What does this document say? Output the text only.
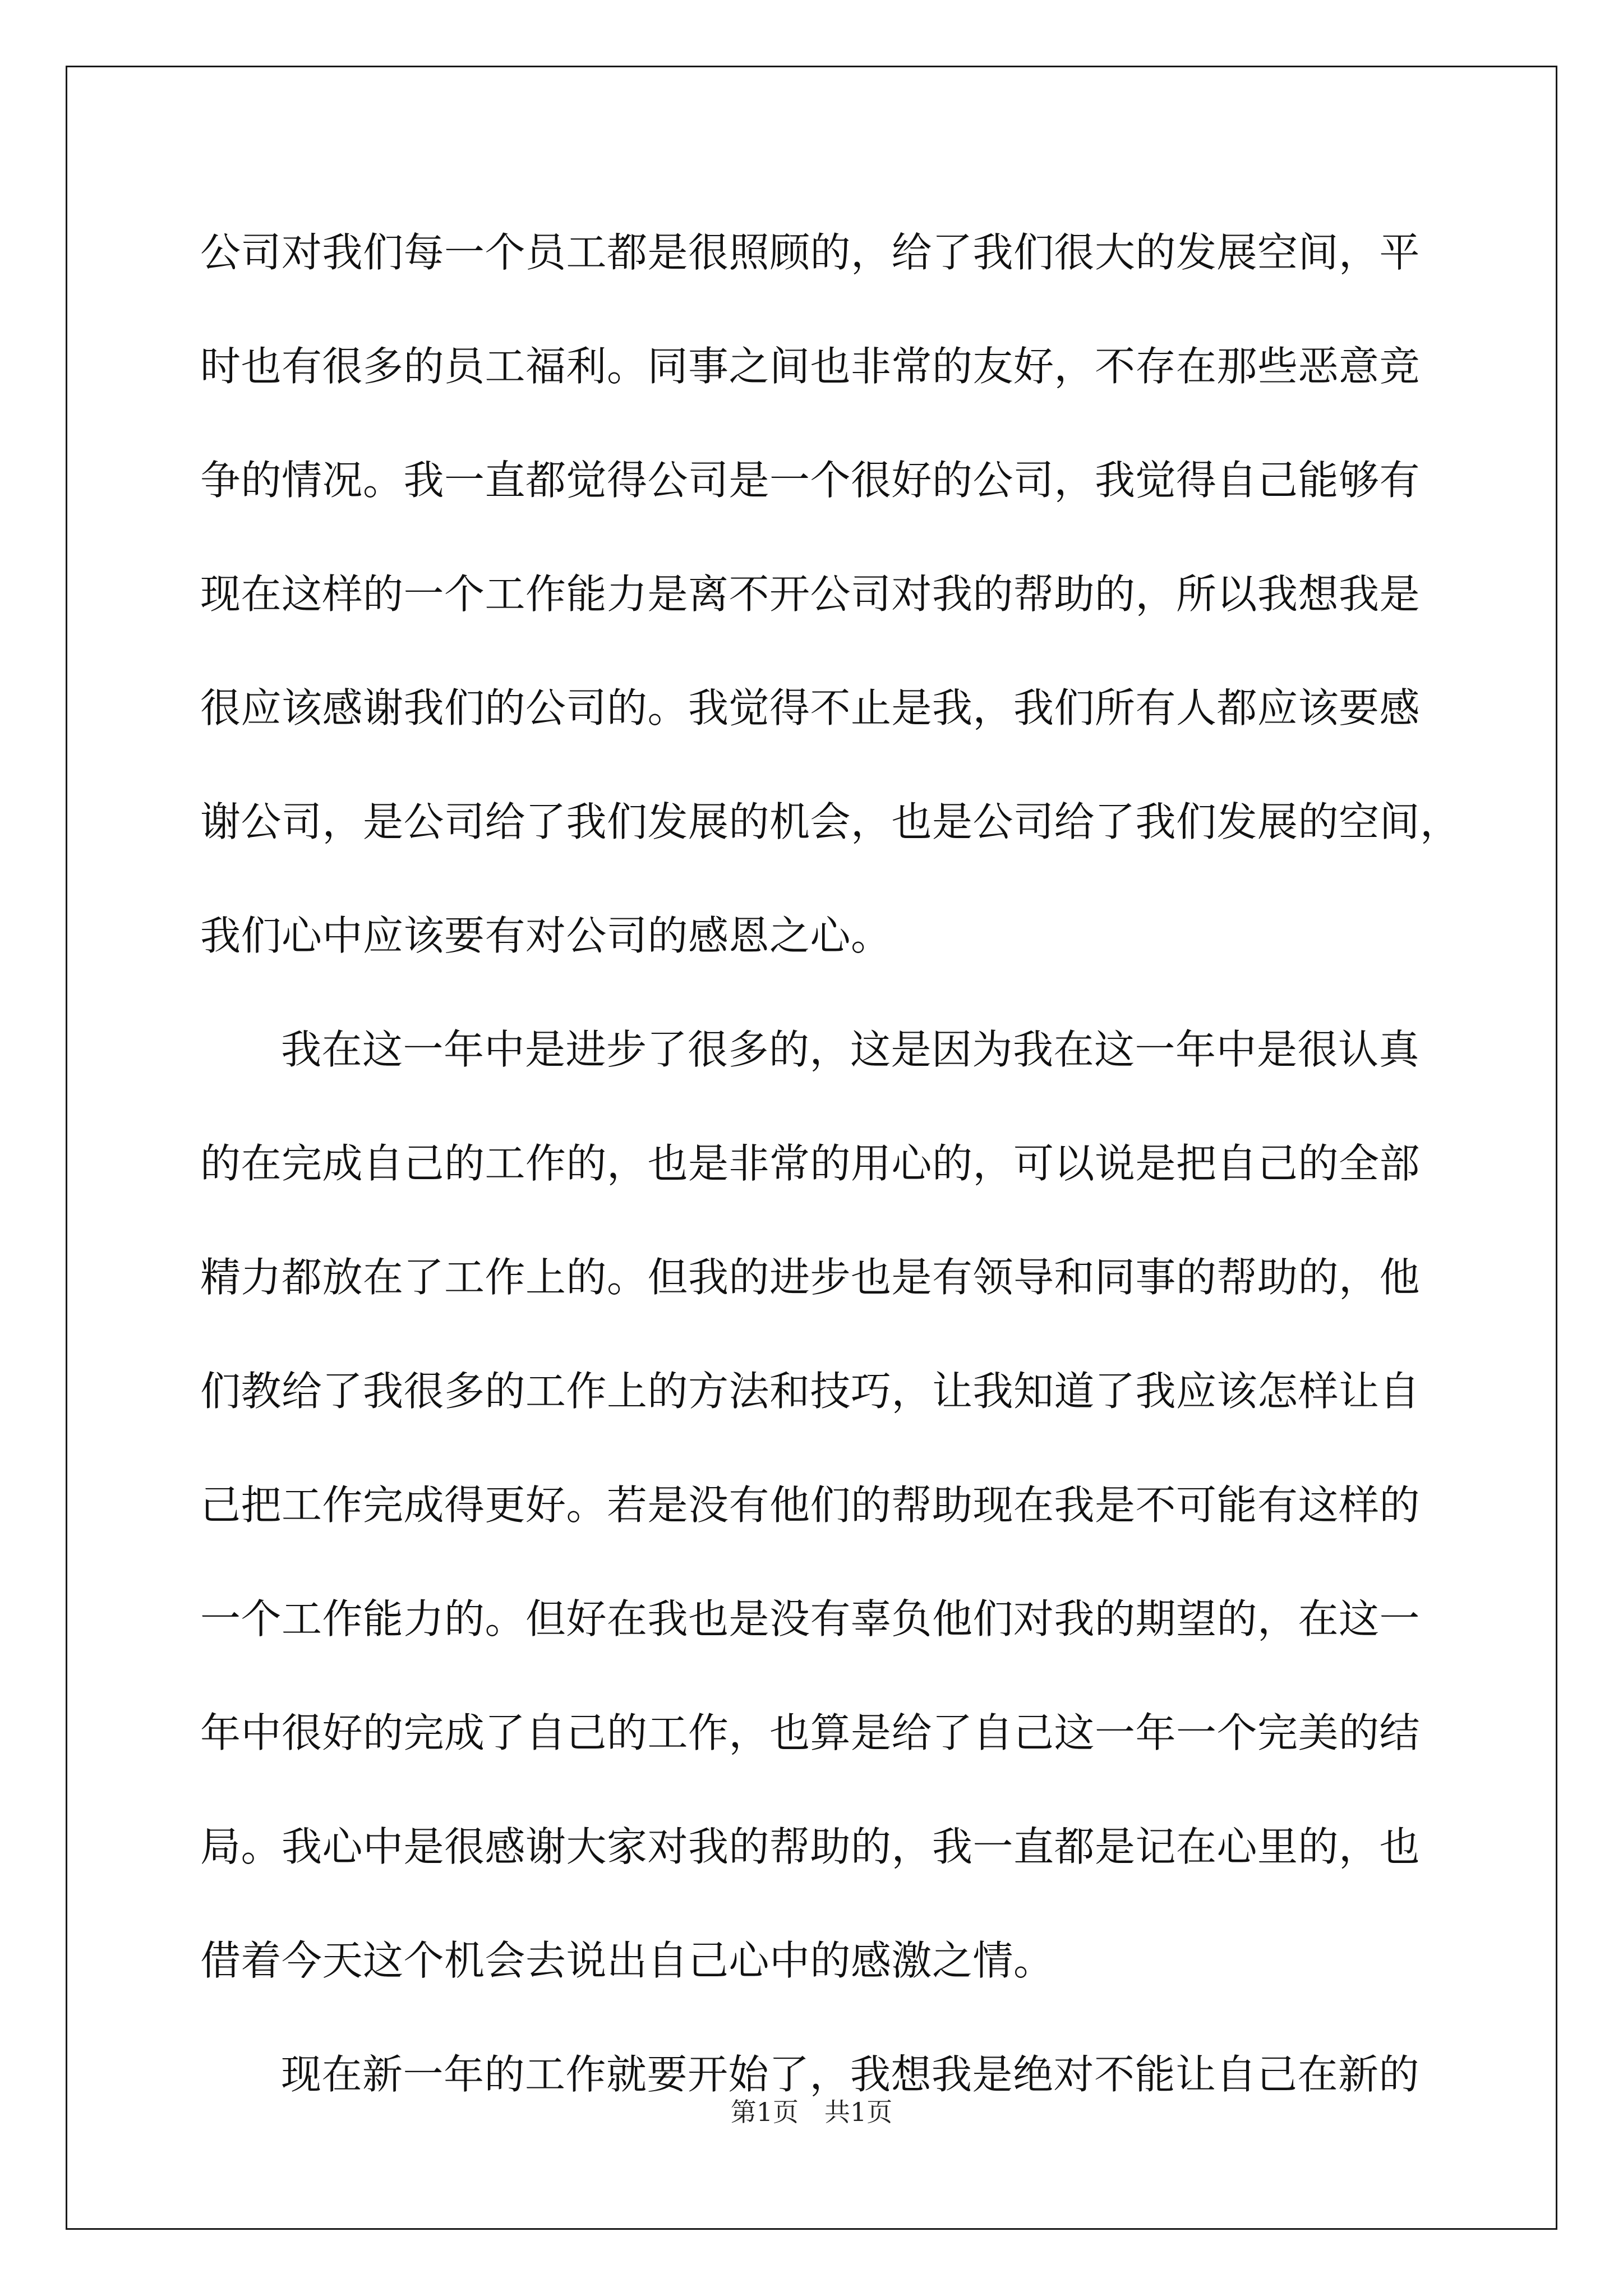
公司对我们每一个员工都是很照顾的，给了我们很大的发展空间，平
时也有很多的员工福利。同事之间也非常的友好，不存在那些恶意竞
争的情况。我一直都觉得公司是一个很好的公司，我觉得自己能够有
现在这样的一个工作能力是离不开公司对我的帮助的，所以我想我是
很应该感谢我们的公司的。我觉得不止是我，我们所有人都应该要感
谢公司，是公司给了我们发展的机会，也是公司给了我们发展的空间，
我们心中应该要有对公司的感恩之心。
我在这一年中是进步了很多的，这是因为我在这一年中是很认真
的在完成自己的工作的，也是非常的用心的，可以说是把自己的全部
精力都放在了工作上的。但我的进步也是有领导和同事的帮助的，他
们教给了我很多的工作上的方法和技巧，让我知道了我应该怎样让自
己把工作完成得更好。若是没有他们的帮助现在我是不可能有这样的
一个工作能力的。但好在我也是没有辜负他们对我的期望的，在这一
年中很好的完成了自己的工作，也算是给了自己这一年一个完美的结
局。我心中是很感谢大家对我的帮助的，我一直都是记在心里的，也
借着今天这个机会去说出自己心中的感激之情。
现在新一年的工作就要开始了，我想我是绝对不能让自己在新的
第1页　共1页
